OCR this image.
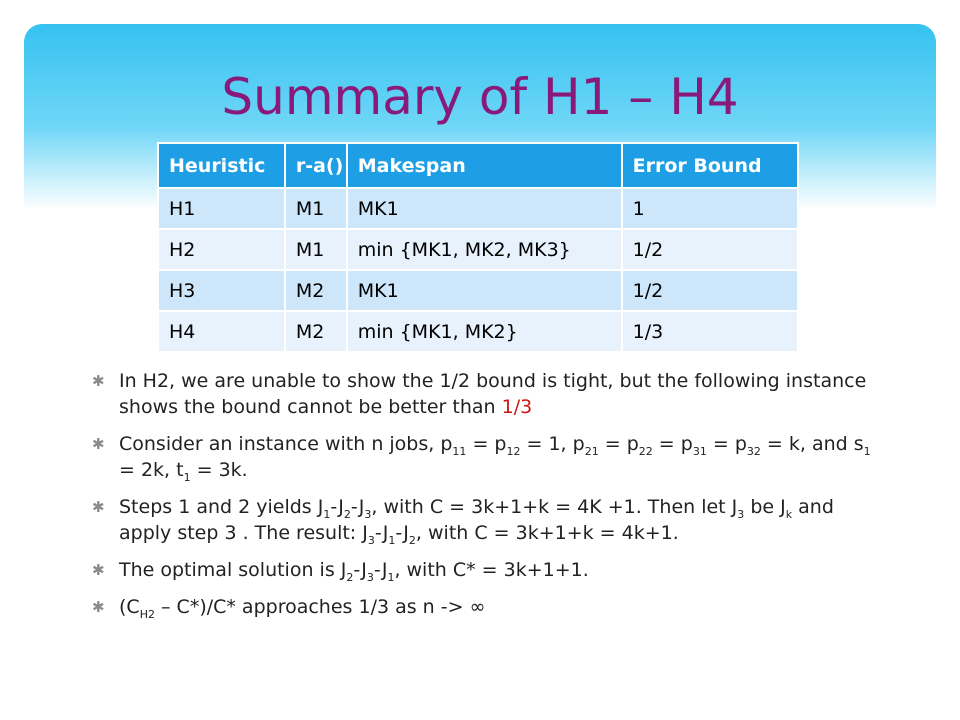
Summary of H1 – H4
Heuristic	r-a()	Makespan	Error Bound
H1	M1	MK1	1
H2	M1	min {MK1, MK2, MK3}	1/2
H3	M2	MK1	1/2
H4	M2	min {MK1, MK2}	1/3
✱ In H2, we are unable to show the 1/2 bound is tight, but the following instance shows the bound cannot be better than 1/3
✱ Consider an instance with n jobs, $p_{11} = p_{12} = 1$, $p_{21} = p_{22} = p_{31} = p_{32} = k$, and $s_1 = 2k$, $t_1 = 3k$.
✱ Steps 1 and 2 yields $J_1-J_2-J_3$, with C = 3k+1+k = 4K +1. Then let $J_3$ be $J_k$ and apply step 3 . The result: $J_3-J_1-J_2$, with C = 3k+1+k = 4k+1.
✱ The optimal solution is $J_2-J_3-J_1$, with C* = 3k+1+1.
✱ $(C_{H2} - C*)/C*$ approaches 1/3 as n -> ∞
